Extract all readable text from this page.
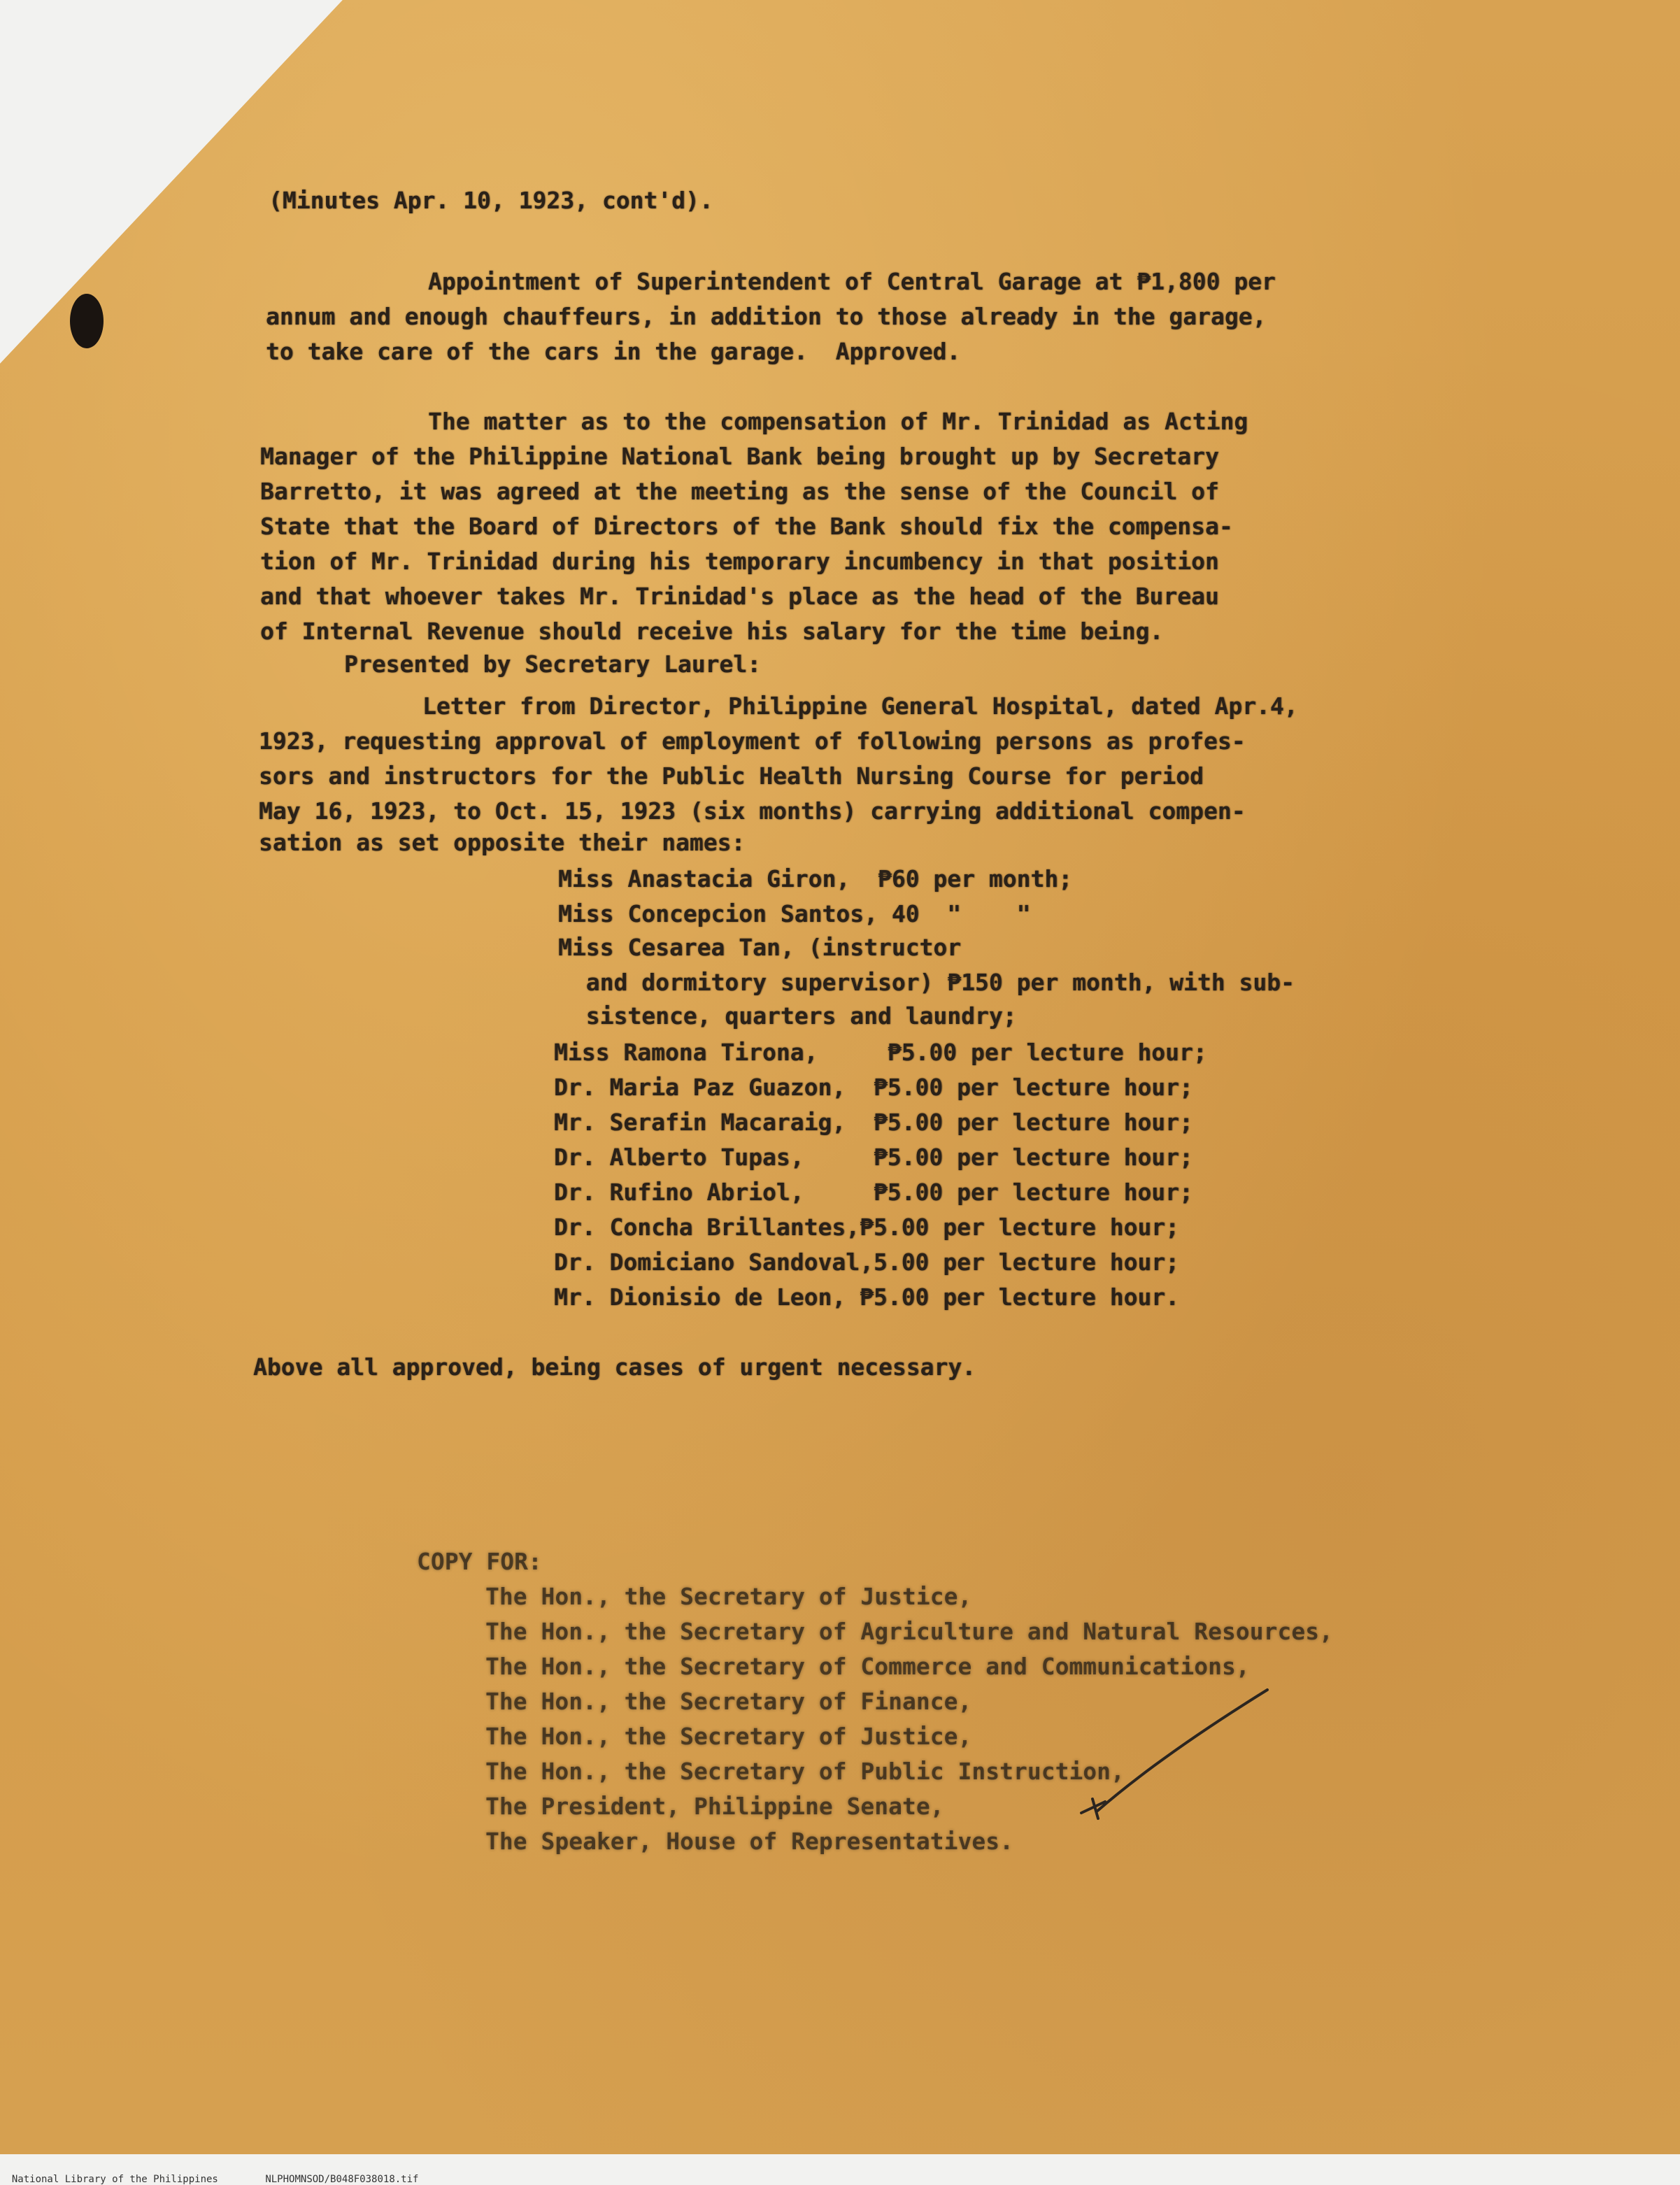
(Minutes Apr. 10, 1923, cont'd).
Appointment of Superintendent of Central Garage at ₱1,800 per
annum and enough chauffeurs, in addition to those already in the garage,
to take care of the cars in the garage.  Approved.
The matter as to the compensation of Mr. Trinidad as Acting
Manager of the Philippine National Bank being brought up by Secretary
Barretto, it was agreed at the meeting as the sense of the Council of
State that the Board of Directors of the Bank should fix the compensa-
tion of Mr. Trinidad during his temporary incumbency in that position
and that whoever takes Mr. Trinidad's place as the head of the Bureau
of Internal Revenue should receive his salary for the time being.
Presented by Secretary Laurel:
Letter from Director, Philippine General Hospital, dated Apr.4,
1923, requesting approval of employment of following persons as profes-
sors and instructors for the Public Health Nursing Course for period
May 16, 1923, to Oct. 15, 1923 (six months) carrying additional compen-
sation as set opposite their names:
Miss Anastacia Giron,  ₱60 per month;
Miss Concepcion Santos, 40  "    "
Miss Cesarea Tan, (instructor
and dormitory supervisor) ₱150 per month, with sub-
sistence, quarters and laundry;
Miss Ramona Tirona,     ₱5.00 per lecture hour;
Dr. Maria Paz Guazon,  ₱5.00 per lecture hour;
Mr. Serafin Macaraig,  ₱5.00 per lecture hour;
Dr. Alberto Tupas,     ₱5.00 per lecture hour;
Dr. Rufino Abriol,     ₱5.00 per lecture hour;
Dr. Concha Brillantes,₱5.00 per lecture hour;
Dr. Domiciano Sandoval,5.00 per lecture hour;
Mr. Dionisio de Leon, ₱5.00 per lecture hour.
Above all approved, being cases of urgent necessary.
COPY FOR:
The Hon., the Secretary of Justice,
The Hon., the Secretary of Agriculture and Natural Resources,
The Hon., the Secretary of Commerce and Communications,
The Hon., the Secretary of Finance,
The Hon., the Secretary of Justice,
The Hon., the Secretary of Public Instruction,
The President, Philippine Senate,
The Speaker, House of Representatives.

National Library of the Philippines	NLPHOMNSOD/B048F038018.tif
